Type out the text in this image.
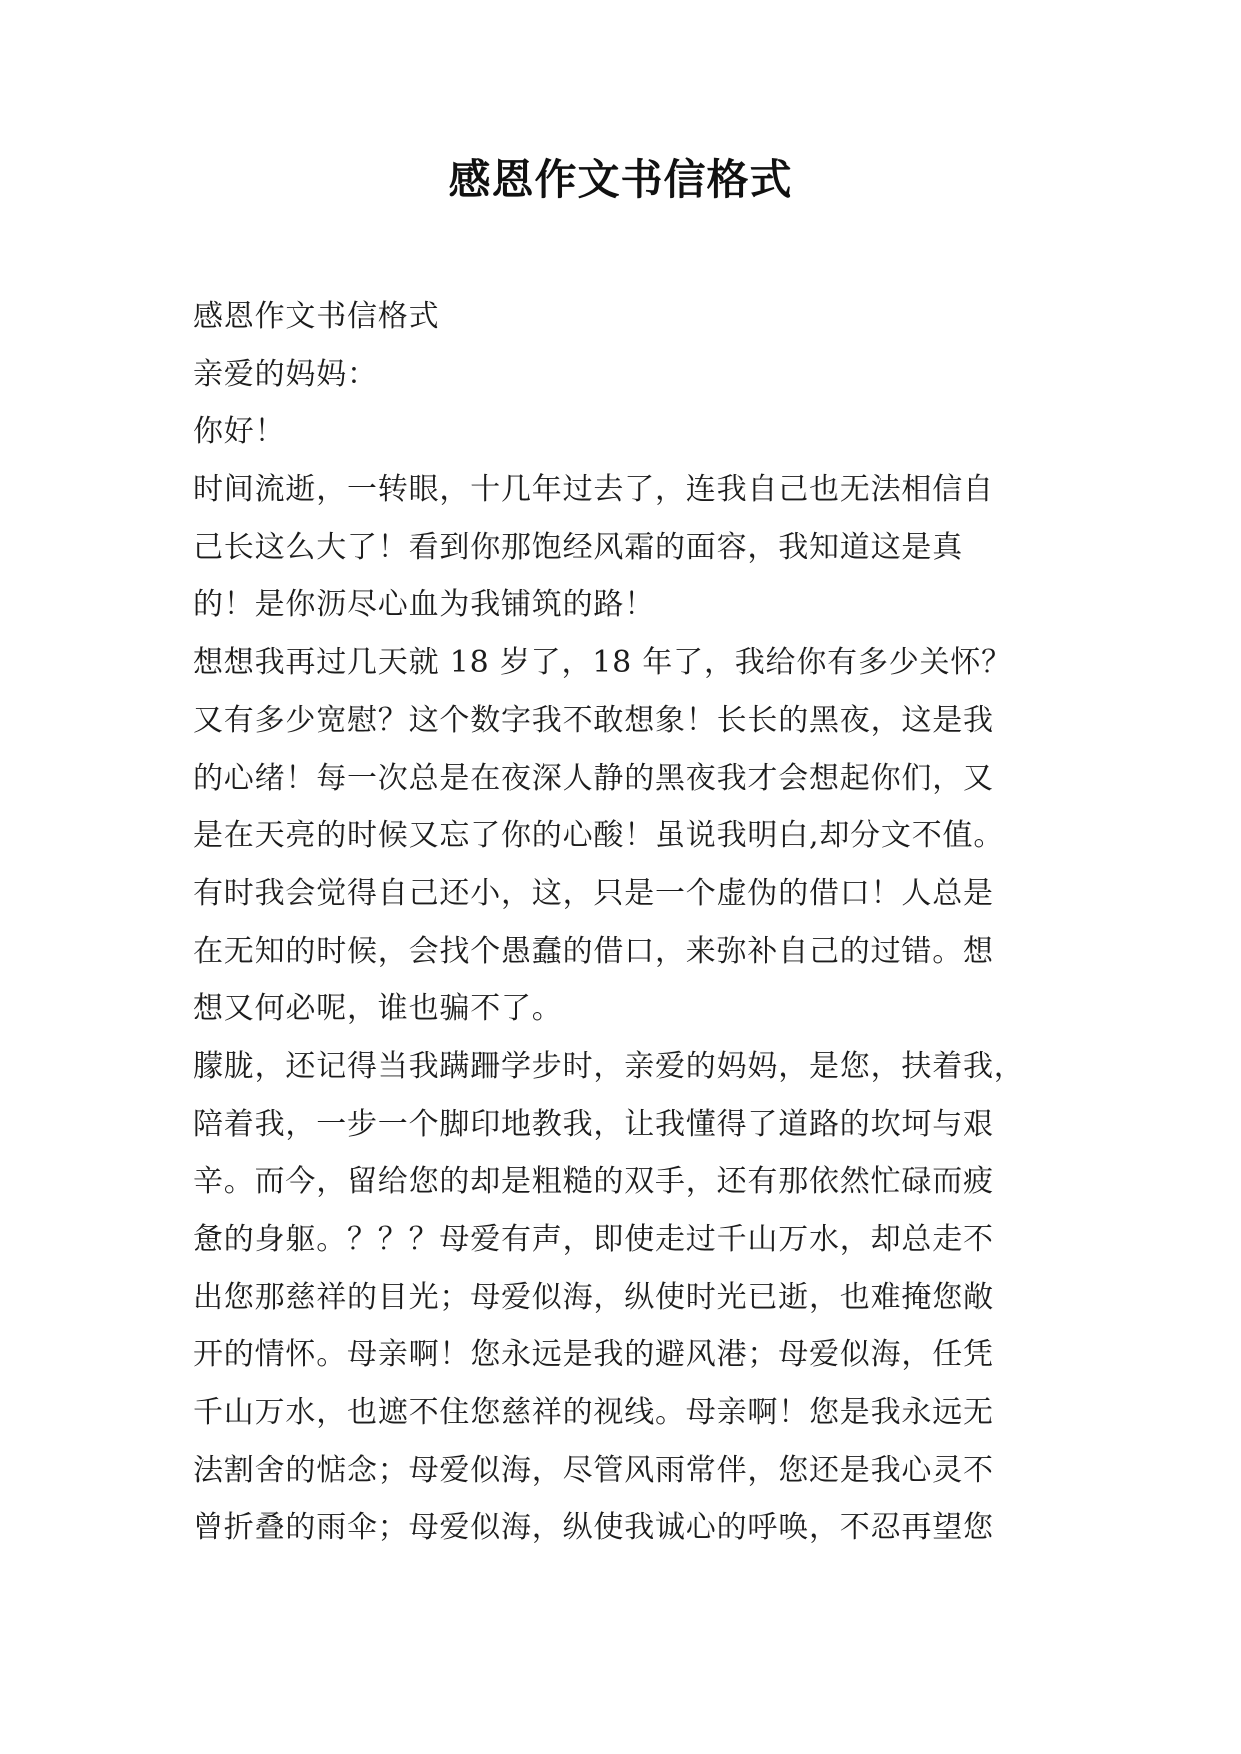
感恩作文书信格式

感恩作文书信格式

亲爱的妈妈：

你好！

时间流逝，一转眼，十几年过去了，连我自己也无法相信自

己长这么大了！看到你那饱经风霜的面容，我知道这是真

的！是你沥尽心血为我铺筑的路！

想想我再过几天就 18 岁了，18 年了，我给你有多少关怀？

又有多少宽慰？这个数字我不敢想象！长长的黑夜，这是我

的心绪！每一次总是在夜深人静的黑夜我才会想起你们，又

是在天亮的时候又忘了你的心酸！虽说我明白,却分文不值。

有时我会觉得自己还小，这，只是一个虚伪的借口！人总是

在无知的时候，会找个愚蠢的借口，来弥补自己的过错。想

想又何必呢，谁也骗不了。

朦胧，还记得当我蹒跚学步时，亲爱的妈妈，是您，扶着我，

陪着我，一步一个脚印地教我，让我懂得了道路的坎坷与艰

辛。而今，留给您的却是粗糙的双手，还有那依然忙碌而疲

惫的身躯。？？？母爱有声，即使走过千山万水，却总走不

出您那慈祥的目光；母爱似海，纵使时光已逝，也难掩您敞

开的情怀。母亲啊！您永远是我的避风港；母爱似海，任凭

千山万水，也遮不住您慈祥的视线。母亲啊！您是我永远无

法割舍的惦念；母爱似海，尽管风雨常伴，您还是我心灵不

曾折叠的雨伞；母爱似海，纵使我诚心的呼唤，不忍再望您
